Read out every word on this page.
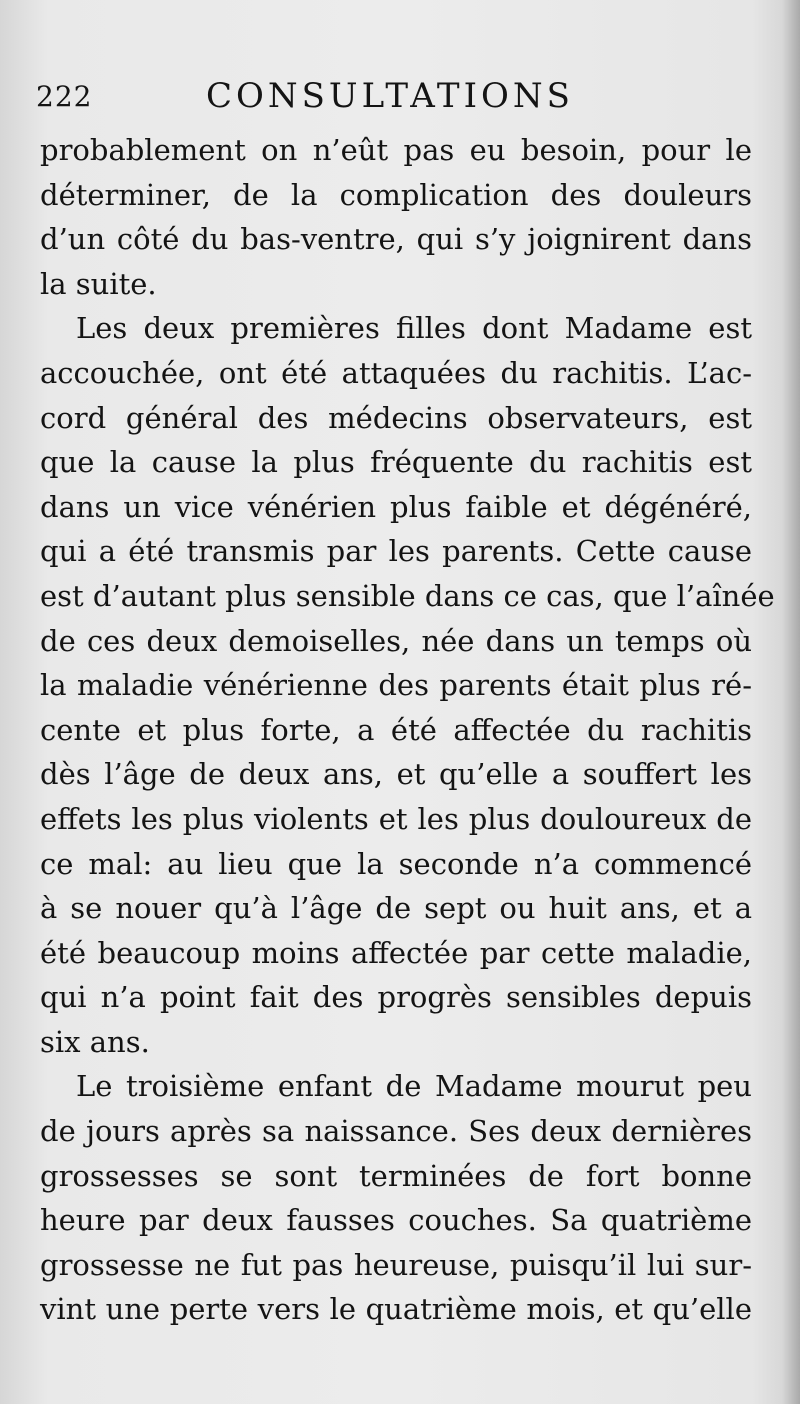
222	CONSULTATIONS

probablement on n’eût pas eu besoin, pour le
déterminer, de la complication des douleurs
d’un côté du bas-ventre, qui s’y joignirent dans
la suite.

Les deux premières filles dont Madame est
accouchée, ont été attaquées du rachitis. L’ac-
cord général des médecins observateurs, est
que la cause la plus fréquente du rachitis est
dans un vice vénérien plus faible et dégénéré,
qui a été transmis par les parents. Cette cause
est d’autant plus sensible dans ce cas, que l’aînée
de ces deux demoiselles, née dans un temps où
la maladie vénérienne des parents était plus ré-
cente et plus forte, a été affectée du rachitis
dès l’âge de deux ans, et qu’elle a souffert les
effets les plus violents et les plus douloureux de
ce mal: au lieu que la seconde n’a commencé
à se nouer qu’à l’âge de sept ou huit ans, et a
été beaucoup moins affectée par cette maladie,
qui n’a point fait des progrès sensibles depuis
six ans.

Le troisième enfant de Madame mourut peu
de jours après sa naissance. Ses deux dernières
grossesses se sont terminées de fort bonne
heure par deux fausses couches. Sa quatrième
grossesse ne fut pas heureuse, puisqu’il lui sur-
vint une perte vers le quatrième mois, et qu’elle
